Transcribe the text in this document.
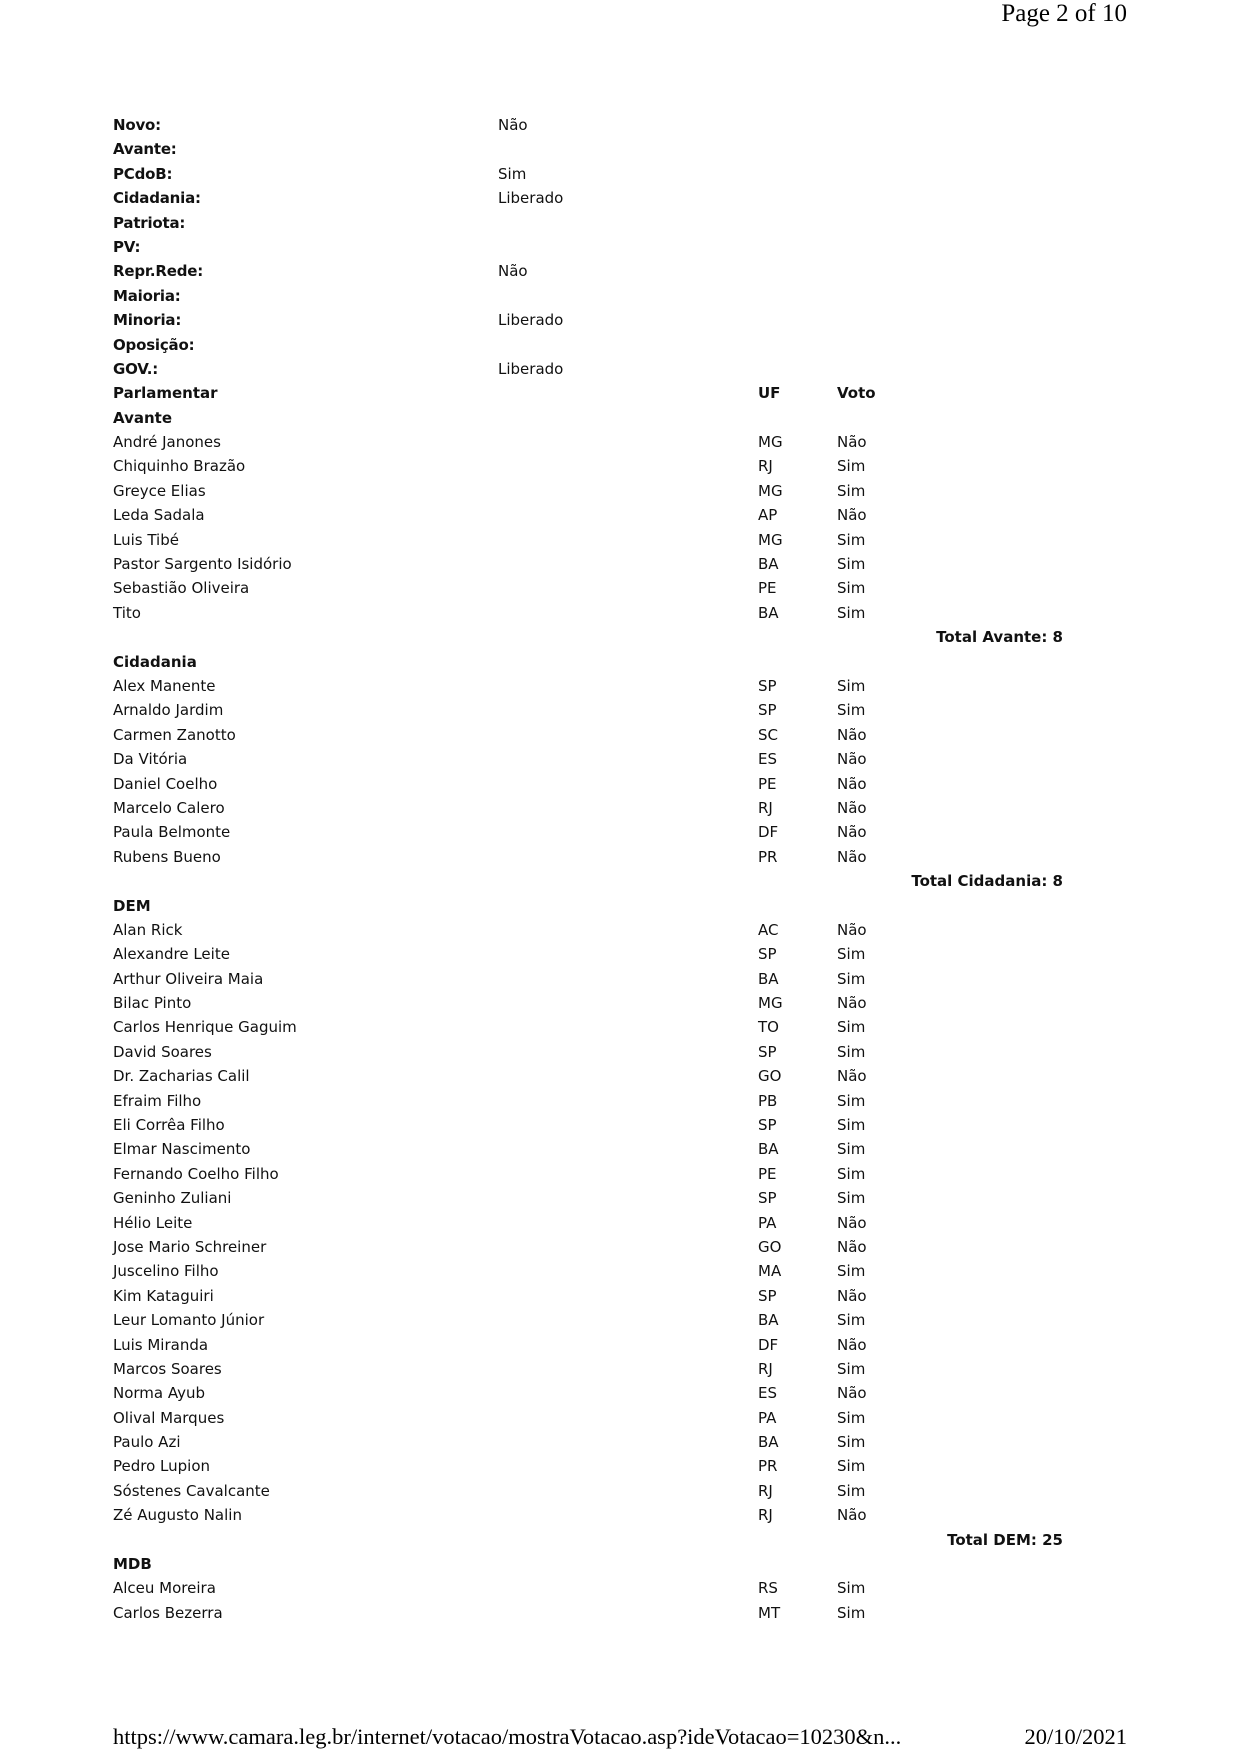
Page 2 of 10
Novo:	Não
Avante:
PCdoB:	Sim
Cidadania:	Liberado
Patriota:
PV:
Repr.Rede:	Não
Maioria:
Minoria:	Liberado
Oposição:
GOV.:	Liberado
Parlamentar	UF	Voto
Avante
André Janones	MG	Não
Chiquinho Brazão	RJ	Sim
Greyce Elias	MG	Sim
Leda Sadala	AP	Não
Luis Tibé	MG	Sim
Pastor Sargento Isidório	BA	Sim
Sebastião Oliveira	PE	Sim
Tito	BA	Sim
Total Avante: 8
Cidadania
Alex Manente	SP	Sim
Arnaldo Jardim	SP	Sim
Carmen Zanotto	SC	Não
Da Vitória	ES	Não
Daniel Coelho	PE	Não
Marcelo Calero	RJ	Não
Paula Belmonte	DF	Não
Rubens Bueno	PR	Não
Total Cidadania: 8
DEM
Alan Rick	AC	Não
Alexandre Leite	SP	Sim
Arthur Oliveira Maia	BA	Sim
Bilac Pinto	MG	Não
Carlos Henrique Gaguim	TO	Sim
David Soares	SP	Sim
Dr. Zacharias Calil	GO	Não
Efraim Filho	PB	Sim
Eli Corrêa Filho	SP	Sim
Elmar Nascimento	BA	Sim
Fernando Coelho Filho	PE	Sim
Geninho Zuliani	SP	Sim
Hélio Leite	PA	Não
Jose Mario Schreiner	GO	Não
Juscelino Filho	MA	Sim
Kim Kataguiri	SP	Não
Leur Lomanto Júnior	BA	Sim
Luis Miranda	DF	Não
Marcos Soares	RJ	Sim
Norma Ayub	ES	Não
Olival Marques	PA	Sim
Paulo Azi	BA	Sim
Pedro Lupion	PR	Sim
Sóstenes Cavalcante	RJ	Sim
Zé Augusto Nalin	RJ	Não
Total DEM: 25
MDB
Alceu Moreira	RS	Sim
Carlos Bezerra	MT	Sim
https://www.camara.leg.br/internet/votacao/mostraVotacao.asp?ideVotacao=10230&n...	20/10/2021
